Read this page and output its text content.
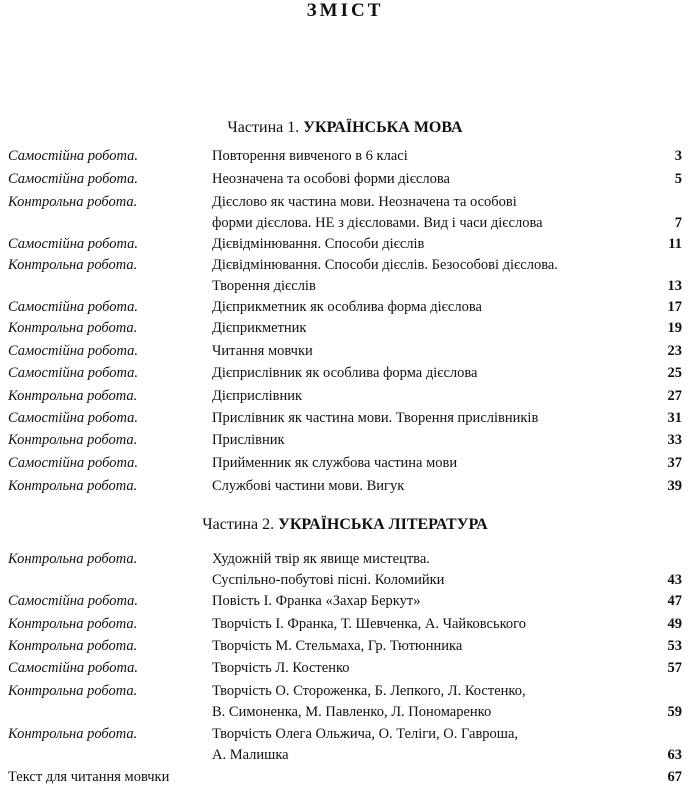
ЗМІСТ
Частина 1. УКРАЇНСЬКА МОВА
Самостійна робота.	Повторення вивченого в 6 класі	3
Самостійна робота.	Неозначена та особові форми дієслова	5
Контрольна робота.	Дієслово як частина мови. Неозначена та особові
форми дієслова. НЕ з дієсловами. Вид і часи дієслова	7
Самостійна робота.	Дієвідмінювання. Способи дієслів	11
Контрольна робота.	Дієвідмінювання. Способи дієслів. Безособові дієслова.
Творення дієслів	13
Самостійна робота.	Дієприкметник як особлива форма дієслова	17
Контрольна робота.	Дієприкметник	19
Самостійна робота.	Читання мовчки	23
Самостійна робота.	Дієприслівник як особлива форма дієслова	25
Контрольна робота.	Дієприслівник	27
Самостійна робота.	Прислівник як частина мови. Творення прислівників	31
Контрольна робота.	Прислівник	33
Самостійна робота.	Прийменник як службова частина мови	37
Контрольна робота.	Службові частини мови. Вигук	39
Частина 2. УКРАЇНСЬКА ЛІТЕРАТУРА
Контрольна робота.	Художній твір як явище мистецтва.
Суспільно-побутові пісні. Коломийки	43
Самостійна робота.	Повість І. Франка «Захар Беркут»	47
Контрольна робота.	Творчість І. Франка, Т. Шевченка, А. Чайковського	49
Контрольна робота.	Творчість М. Стельмаха, Гр. Тютюнника	53
Самостійна робота.	Творчість Л. Костенко	57
Контрольна робота.	Творчість О. Стороженка, Б. Лепкого, Л. Костенко,
В. Симоненка, М. Павленко, Л. Пономаренко	59
Контрольна робота.	Творчість Олега Ольжича, О. Теліги, О. Гавроша,
А. Малишка	63
Текст для читання мовчки	67
